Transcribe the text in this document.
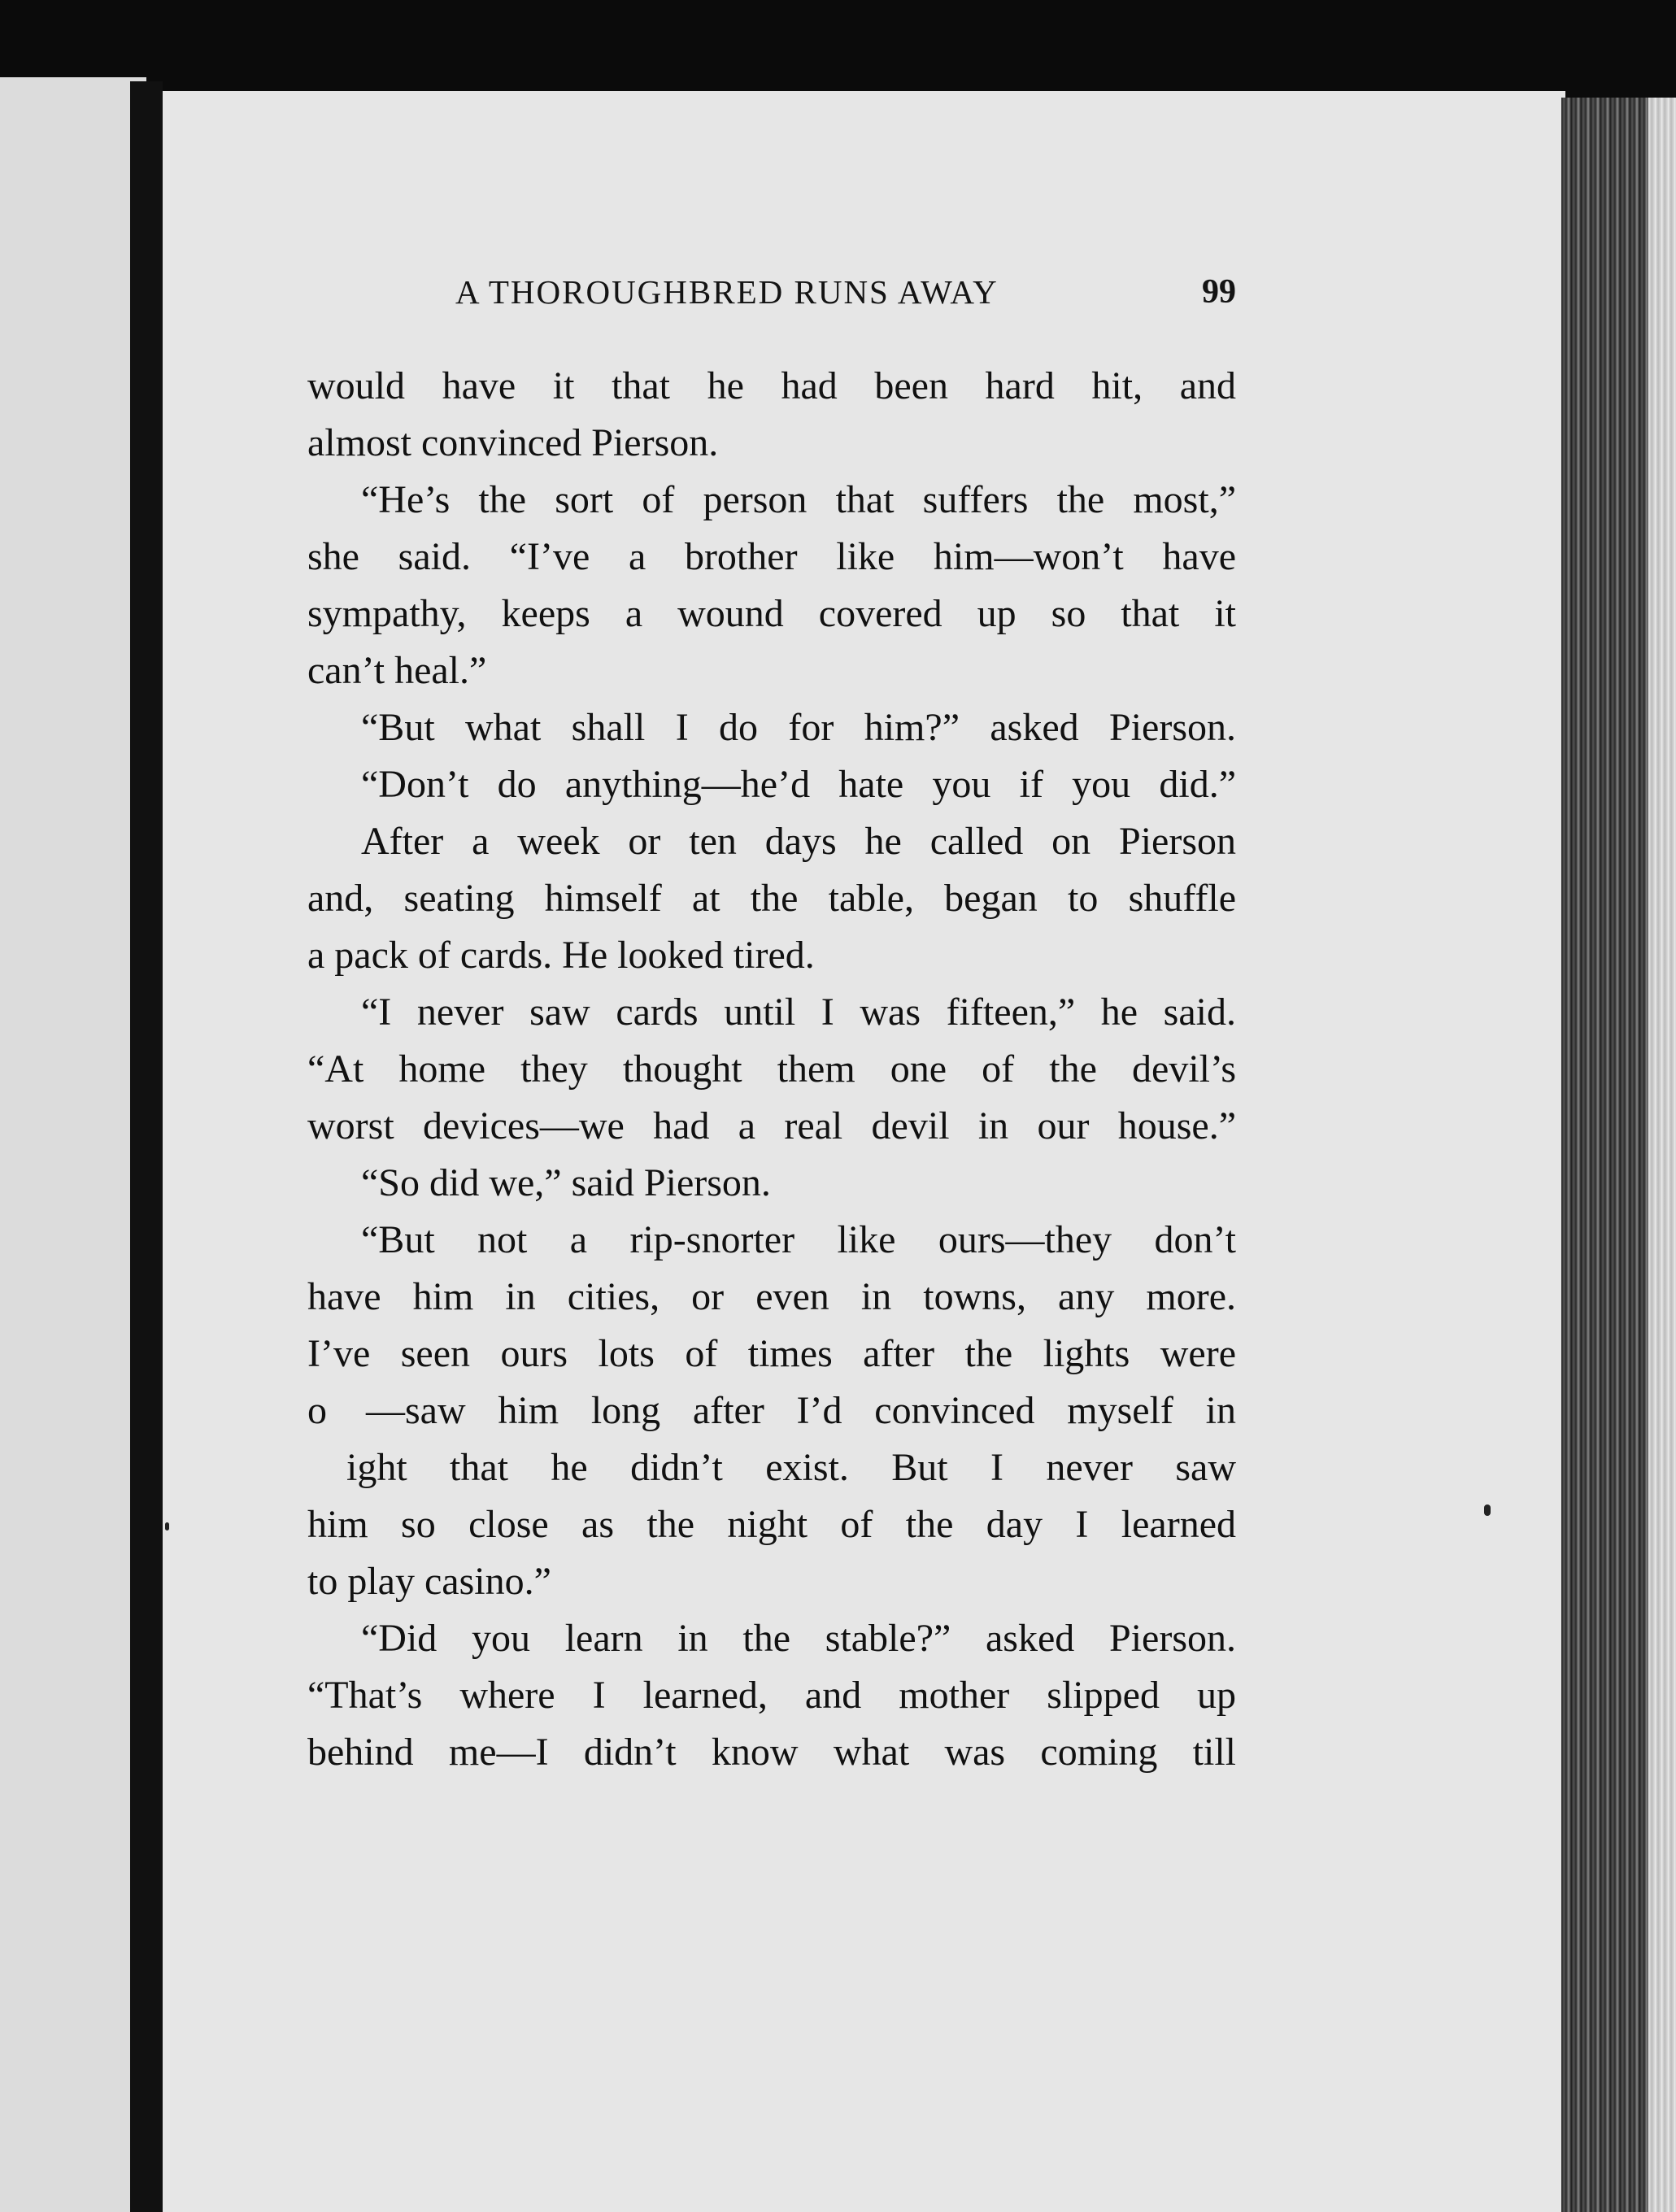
A THOROUGHBRED RUNS AWAY	99
would have it that he had been hard hit, and
almost convinced Pierson.
“He’s the sort of person that suffers the most,”
she said. “I’ve a brother like him—won’t have
sympathy, keeps a wound covered up so that it
can’t heal.”
“But what shall I do for him?” asked Pierson.
“Don’t do anything—he’d hate you if you did.”
After a week or ten days he called on Pierson
and, seating himself at the table, began to shuffle
a pack of cards. He looked tired.
“I never saw cards until I was fifteen,” he said.
“At home they thought them one of the devil’s
worst devices—we had a real devil in our house.”
“So did we,” said Pierson.
“But not a rip-snorter like ours—they don’t
have him in cities, or even in towns, any more.
I’ve seen ours lots of times after the lights were
o  —saw him long after I’d convinced myself in
  ight that he didn’t exist. But I never saw
him so close as the night of the day I learned
to play casino.”
“Did you learn in the stable?” asked Pierson.
“That’s where I learned, and mother slipped up
behind me—I didn’t know what was coming till
